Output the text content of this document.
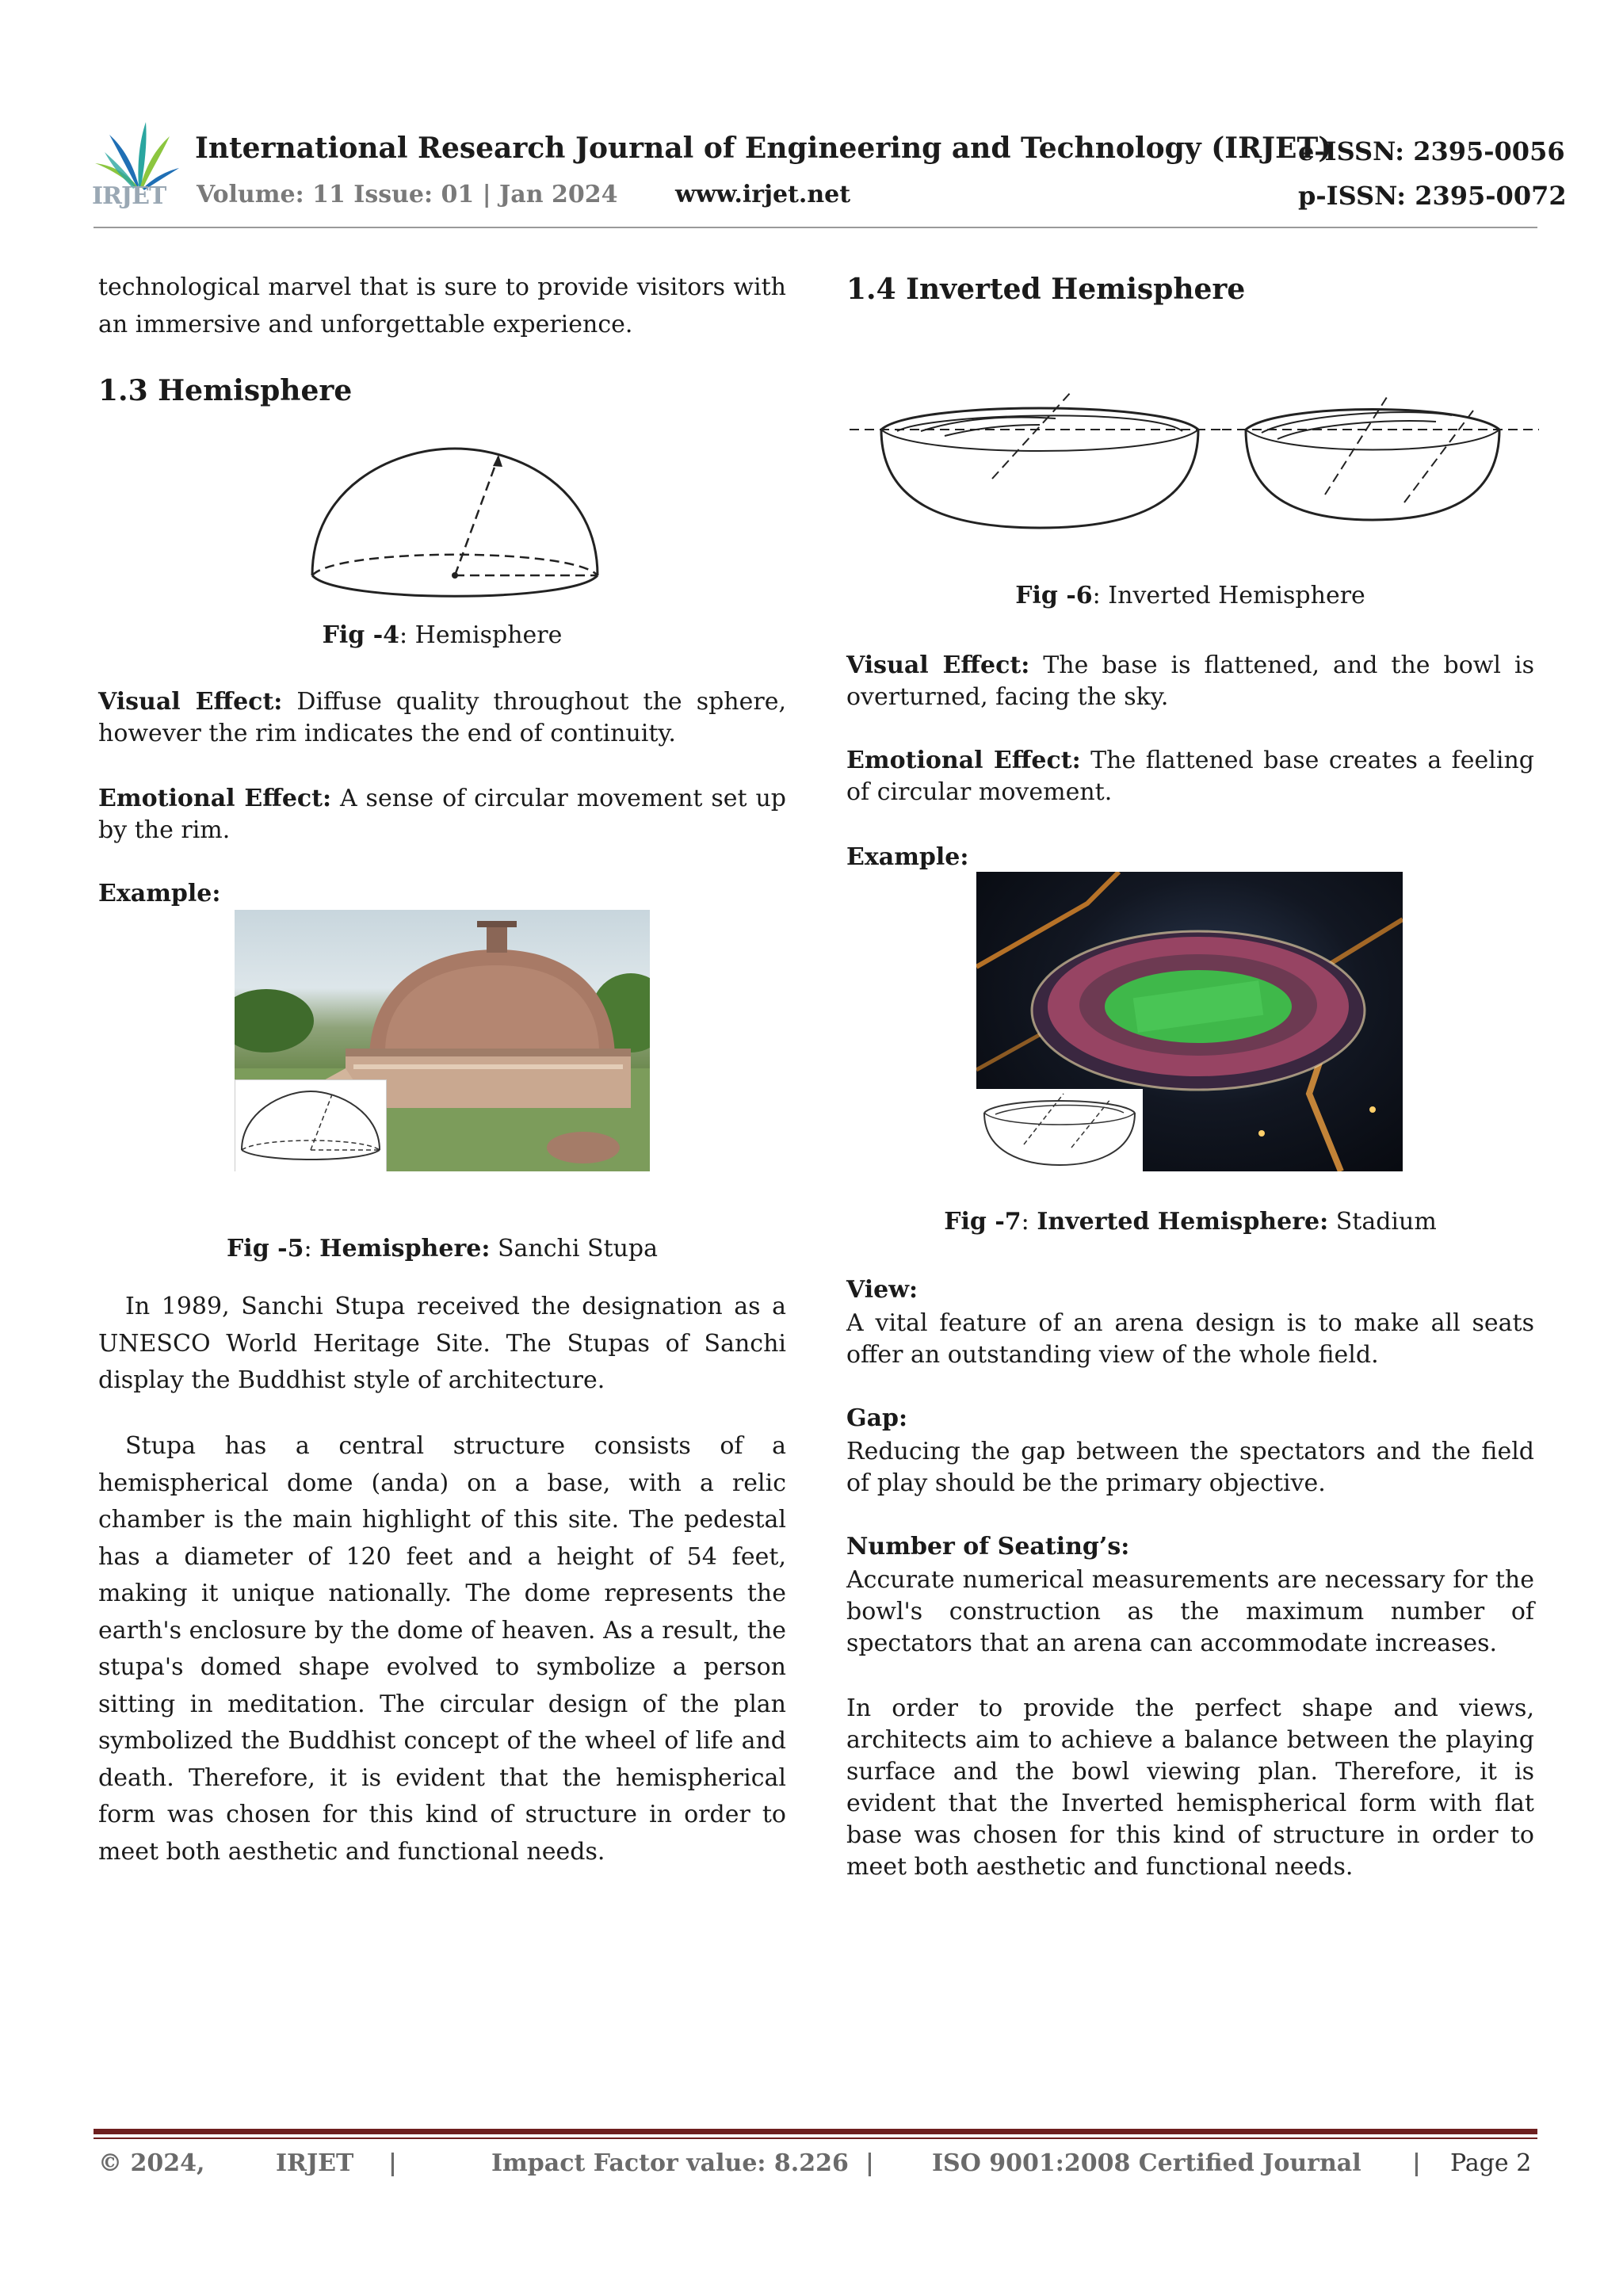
IRJET
International Research Journal of Engineering and Technology (IRJET)
Volume: 11 Issue: 01 | Jan 2024 www.irjet.net
e-ISSN: 2395-0056
p-ISSN: 2395-0072
technological marvel that is sure to provide visitors with an immersive and unforgettable experience.
1.3 Hemisphere
Fig -4: Hemisphere
Visual Effect: Diffuse quality throughout the sphere, however the rim indicates the end of continuity.
Emotional Effect: A sense of circular movement set up by the rim.
Example:
Fig -5: Hemisphere: Sanchi Stupa
In 1989, Sanchi Stupa received the designation as a UNESCO World Heritage Site. The Stupas of Sanchi display the Buddhist style of architecture.
Stupa has a central structure consists of a hemispherical dome (anda) on a base, with a relic chamber is the main highlight of this site. The pedestal has a diameter of 120 feet and a height of 54 feet, making it unique nationally. The dome represents the earth's enclosure by the dome of heaven. As a result, the stupa's domed shape evolved to symbolize a person sitting in meditation. The circular design of the plan symbolized the Buddhist concept of the wheel of life and death. Therefore, it is evident that the hemispherical form was chosen for this kind of structure in order to meet both aesthetic and functional needs.
1.4 Inverted Hemisphere
Fig -6: Inverted Hemisphere
Visual Effect: The base is flattened, and the bowl is overturned, facing the sky.
Emotional Effect: The flattened base creates a feeling of circular movement.
Example:
Fig -7: Inverted Hemisphere: Stadium
View:
A vital feature of an arena design is to make all seats offer an outstanding view of the whole field.
Gap:
Reducing the gap between the spectators and the field of play should be the primary objective.
Number of Seating’s:
Accurate numerical measurements are necessary for the bowl's construction as the maximum number of spectators that an arena can accommodate increases.
In order to provide the perfect shape and views, architects aim to achieve a balance between the playing surface and the bowl viewing plan. Therefore, it is evident that the Inverted hemispherical form with flat base was chosen for this kind of structure in order to meet both aesthetic and functional needs.
© 2024,	IRJET |	Impact Factor value: 8.226 | ISO 9001:2008 Certified Journal | Page 2
